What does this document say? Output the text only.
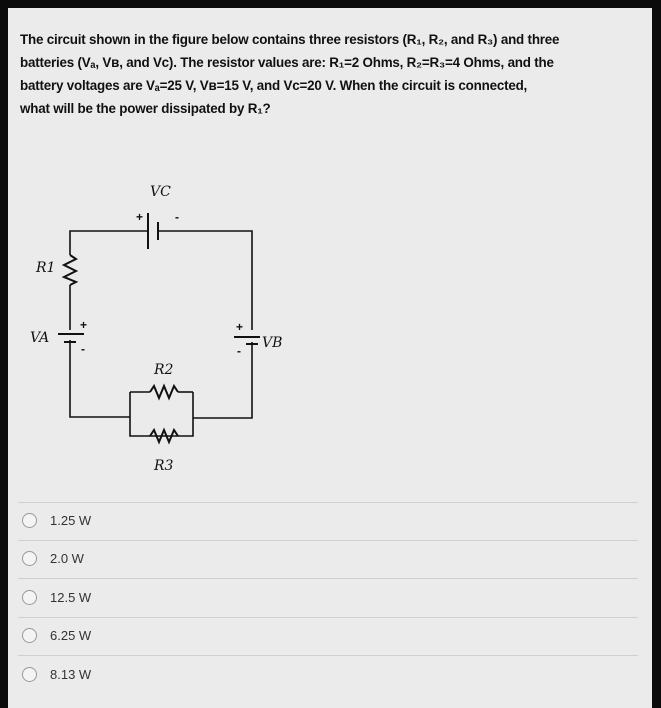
The circuit shown in the figure below contains three resistors (R₁, R₂, and R₃) and three

batteries (Vₐ, Vʙ, and Vᴄ). The resistor values are: R₁=2 Ohms, R₂=R₃=4 Ohms, and the

battery voltages are Vₐ=25 V, Vʙ=15 V, and Vᴄ=20 V. When the circuit is connected,

what will be the power dissipated by R₁?

VC
R1
VA	VB
R2
R3
+	-
+
-
+
-
1.25 W
2.0 W
12.5 W
6.25 W
8.13 W
